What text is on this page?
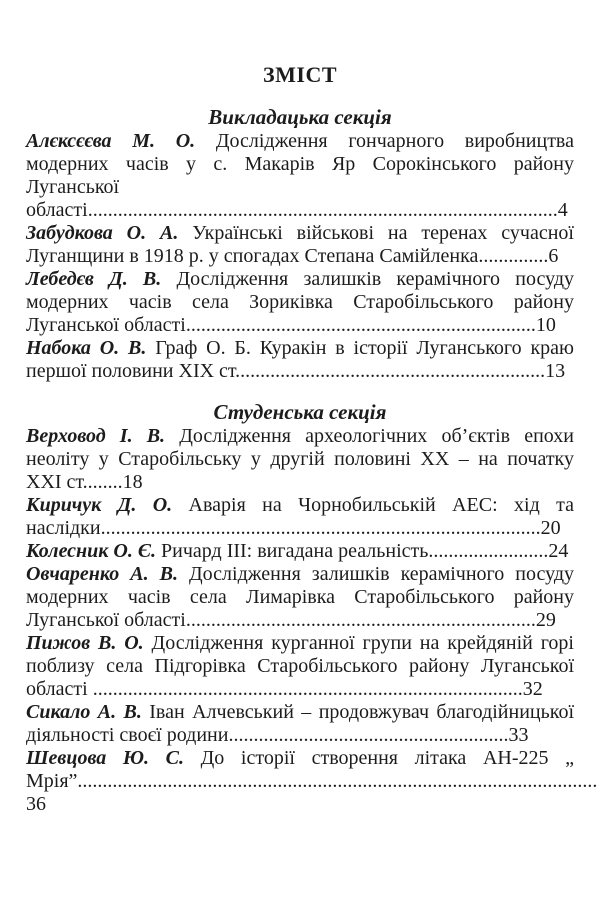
ЗМІСТ
Викладацька секція

Алєксєєва М. О. Дослідження гончарного виробництва модерних часів у с. Макарів Яр Сорокінського району Луганської області..............................................................................................4

Забудкова О. А. Українські військові на теренах сучасної Луганщини в 1918 р. у спогадах Степана Самійленка..............6

Лебедєв Д. В. Дослідження залишків керамічного посуду модерних часів села Зориківка Старобільського району Луганської області......................................................................10

Набока О. В. Граф О. Б. Куракін в історії Луганського краю першої половини XIX ст..............................................................13

Студенська секція

Верховод І. В. Дослідження археологічних об’єктів епохи неоліту у Старобільську у другій половині XX – на початку XXI ст........18

Киричук Д. О. Аварія на Чорнобильській АЕС: хід та наслідки........................................................................................20

Колесник О. Є. Ричард III: вигадана реальність........................24

Овчаренко А. В. Дослідження залишків керамічного посуду модерних часів села Лимарівка Старобільського району Луганської області......................................................................29

Пижов В. О. Дослідження курганної групи на крейдяній горі поблизу села Підгорівка Старобільського району Луганської області ......................................................................................32

Сикало А. В. Іван Алчевський – продовжувач благодійницької діяльності своєї родини........................................................33

Шевцова Ю. С. До історії створення літака АН-225 „ Мрія”........................................................................................................36
